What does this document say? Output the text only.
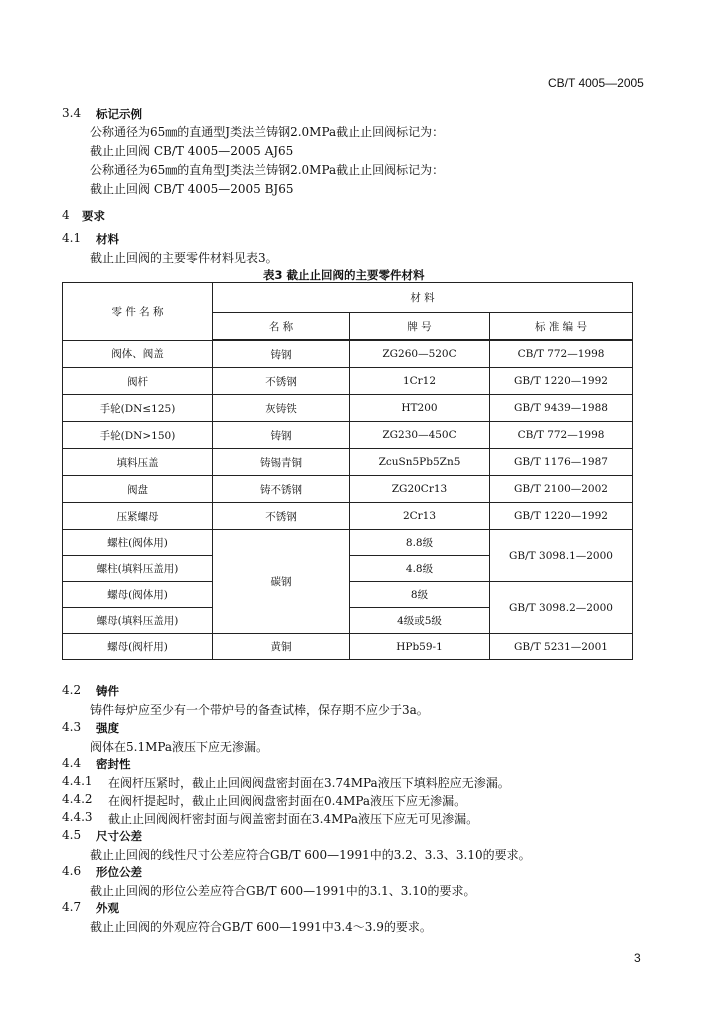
CB/T 4005—2005
3.4 标记示例
公称通径为65㎜的直通型J类法兰铸钢2.0MPa截止止回阀标记为：
截止止回阀 CB/T 4005—2005 AJ65
公称通径为65㎜的直角型J类法兰铸钢2.0MPa截止止回阀标记为：
截止止回阀 CB/T 4005—2005 BJ65
4 要求
4.1 材料
截止止回阀的主要零件材料见表3。
表3 截止止回阀的主要零件材料
零 件 名 称	材 料		
	名 称	牌 号	标 准 编 号
阀体、阀盖	铸钢	ZG260—520C	CB/T 772—1998
阀杆	不锈钢	1Cr12	GB/T 1220—1992
手轮(DN≤125)	灰铸铁	HT200	GB/T 9439—1988
手轮(DN>150)	铸钢	ZG230—450C	CB/T 772—1998
填料压盖	铸锡青铜	ZcuSn5Pb5Zn5	GB/T 1176—1987
阀盘	铸不锈钢	ZG20Cr13	GB/T 2100—2002
压紧螺母	不锈钢	2Cr13	GB/T 1220—1992
螺柱(阀体用)	碳钢	8.8级	GB/T 3098.1—2000
螺柱(填料压盖用)		4.8级	
螺母(阀体用)		8级	GB/T 3098.2—2000
螺母(填料压盖用)		4级或5级	
螺母(阀杆用)	黄铜	HPb59-1	GB/T 5231—2001
4.2 铸件
铸件每炉应至少有一个带炉号的备查试棒，保存期不应少于3a。
4.3 强度
阀体在5.1MPa液压下应无渗漏。
4.4 密封性
4.4.1 在阀杆压紧时，截止止回阀阀盘密封面在3.74MPa液压下填料腔应无渗漏。
4.4.2 在阀杆提起时，截止止回阀阀盘密封面在0.4MPa液压下应无渗漏。
4.4.3 截止止回阀阀杆密封面与阀盖密封面在3.4MPa液压下应无可见渗漏。
4.5 尺寸公差
截止止回阀的线性尺寸公差应符合GB/T 600—1991中的3.2、3.3、3.10的要求。
4.6 形位公差
截止止回阀的形位公差应符合GB/T 600—1991中的3.1、3.10的要求。
4.7 外观
截止止回阀的外观应符合GB/T 600—1991中3.4～3.9的要求。
3
